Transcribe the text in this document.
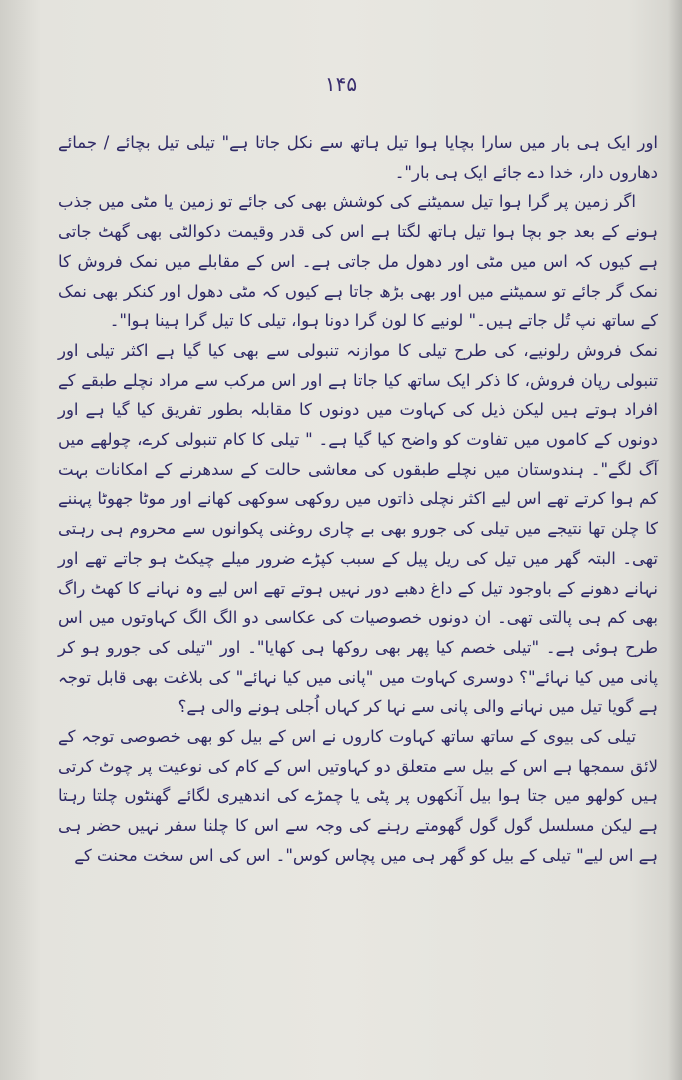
۱۴۵

اور ایک ہی بار میں سارا بچایا ہوا تیل ہاتھ سے نکل جاتا ہے" تیلی تیل بچائے / جمائے دھاروں دار، خدا دے جائے ایک ہی بار"۔

اگر زمین پر گرا ہوا تیل سمیٹنے کی کوشش بھی کی جائے تو زمین یا مٹی میں جذب ہونے کے بعد جو بچا ہوا تیل ہاتھ لگتا ہے اس کی قدر وقیمت دکوالٹی بھی گھٹ جاتی ہے کیوں کہ اس میں مٹی اور دھول مل جاتی ہے۔ اس کے مقابلے میں نمک فروش کا نمک گر جائے تو سمیٹنے میں اور بھی بڑھ جاتا ہے کیوں کہ مٹی دھول اور کنکر بھی نمک کے ساتھ نپ تُل جاتے ہیں۔" لونیے کا لون گرا دونا ہوا، تیلی کا تیل گرا ہینا ہوا"۔

نمک فروش رلونیے، کی طرح تیلی کا موازنہ تنبولی سے بھی کیا گیا ہے اکثر تیلی اور تنبولی رپان فروش، کا ذکر ایک ساتھ کیا جاتا ہے اور اس مرکب سے مراد نچلے طبقے کے افراد ہوتے ہیں لیکن ذیل کی کہاوت میں دونوں کا مقابلہ بطور تفریق کیا گیا ہے اور دونوں کے کاموں میں تفاوت کو واضح کیا گیا ہے۔ " تیلی کا کام تنبولی کرے، چولھے میں آگ لگے"۔ ہندوستان میں نچلے طبقوں کی معاشی حالت کے سدھرنے کے امکانات بہت کم ہوا کرتے تھے اس لیے اکثر نچلی ذاتوں میں روکھی سوکھی کھانے اور موٹا جھوٹا پہننے کا چلن تھا نتیجے میں تیلی کی جورو بھی بے چاری روغنی پکوانوں سے محروم ہی رہتی تھی۔ البتہ گھر میں تیل کی ریل پیل کے سبب کپڑے ضرور میلے چیکٹ ہو جاتے تھے اور نہانے دھونے کے باوجود تیل کے داغ دھبے دور نہیں ہوتے تھے اس لیے وہ نہانے کا کھٹ راگ بھی کم ہی پالتی تھی۔ ان دونوں خصوصیات کی عکاسی دو الگ الگ کہاوتوں میں اس طرح ہوئی ہے۔ "تیلی خصم کیا پھر بھی روکھا ہی کھایا"۔ اور "تیلی کی جورو ہو کر پانی میں کیا نہائے"؟ دوسری کہاوت میں "پانی میں کیا نہائے" کی بلاغت بھی قابل توجہ ہے گویا تیل میں نہانے والی پانی سے نہا کر کہاں اُجلی ہونے والی ہے؟

تیلی کی بیوی کے ساتھ ساتھ کہاوت کاروں نے اس کے بیل کو بھی خصوصی توجہ کے لائق سمجھا ہے اس کے بیل سے متعلق دو کہاوتیں اس کے کام کی نوعیت پر چوٹ کرتی ہیں کولھو میں جتا ہوا بیل آنکھوں پر پٹی یا چمڑے کی اندھیری لگائے گھنٹوں چلتا رہتا ہے لیکن مسلسل گول گول گھومتے رہنے کی وجہ سے اس کا چلنا سفر نہیں حضر ہی ہے اس لیے" تیلی کے بیل کو گھر ہی میں پچاس کوس"۔ اس کی اس سخت محنت کے
